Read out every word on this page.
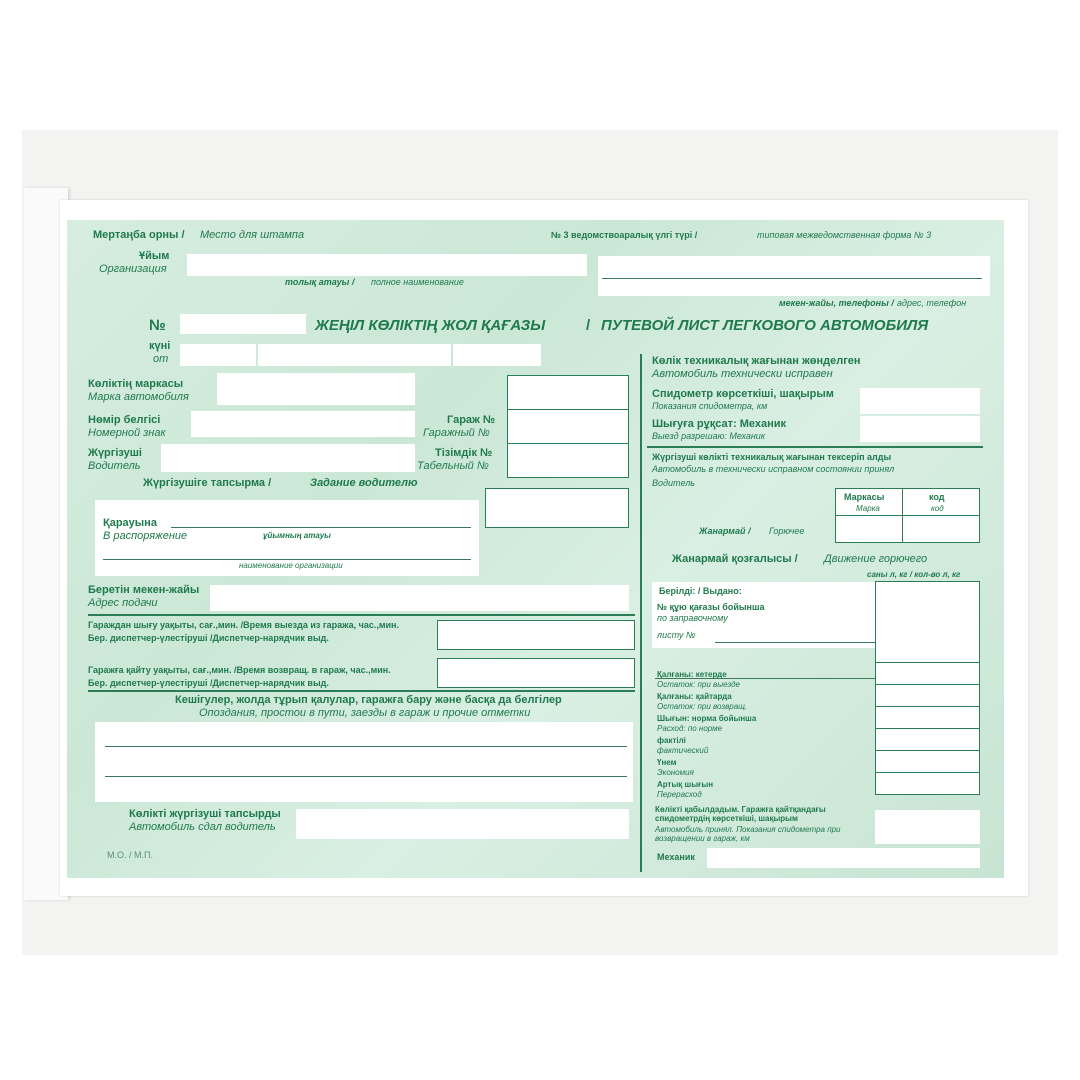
Мертаңба орны / Место для штампа	№ 3 ведомствоаралық үлгі түрі /	типовая межведомственная форма № 3
Ұйым
Организация
толық атауы / полное наименование
мекен-жайы, телефоны / адрес, телефон
№	ЖЕҢІЛ КӨЛІКТІҢ ЖОЛ ҚАҒАЗЫ	/ ПУТЕВОЙ ЛИСТ ЛЕГКОВОГО АВТОМОБИЛЯ
күні
от
Көліктің маркасы
Марка автомобиля
Нөмір белгісі
Номерной знак
Жүргізуші
Водитель
Гараж №
Гаражный №
Тізімдік №
Табельный №
Жүргізушіге тапсырма /	Задание водителю
Қарауына
В распоряжение	ұйымның атауы
наименование организации
Беретін мекен-жайы
Адрес подачи
Гараждан шығу уақыты, сағ.,мин. /Время выезда из гаража, час.,мин.
Бер. диспетчер-үлестіруші /Диспетчер-нарядчик выд.
Гаражға қайту уақыты, сағ.,мин. /Время возвращ. в гараж, час.,мин.
Бер. диспетчер-үлестіруші /Диспетчер-нарядчик выд.
Кешігулер, жолда тұрып қалулар, гаражға бару және басқа да белгілер
Опоздания, простои в пути, заезды в гараж и прочие отметки
Көлікті жүргізуші тапсырды
Автомобиль сдал водитель
М.О. / М.П.
Көлік техникалық жағынан жөнделген
Автомобиль технически исправен
Спидометр көрсеткіші, шақырым
Показания спидометра, км
Шығуға рұқсат: Механик
Выезд разрешаю: Механик
Жүргізуші көлікті техникалық жағынан тексеріп алды
Автомобиль в технически исправном состоянии принял
Водитель
Маркасы
Марка
код
код
Жанармай / Горючее
Жанармай қозғалысы / Движение горючего
саны л, кг / кол-во л, кг
Берілді: / Выдано:
№ құю қағазы бойынша
по заправочному
листу №
Қалғаны: кетерде
Остаток: при выезде
Қалғаны: қайтарда
Остаток: при возвращ.
Шығын: норма бойынша
Расход: по норме
фактілі
фактический
Үнем
Экономия
Артық шығын
Перерасход
Көлікті қабылдадым. Гаражға қайтқандағы спидометрдің көрсеткіші, шақырым
Автомобиль принял. Показания спидометра при возвращении в гараж, км
Механик
